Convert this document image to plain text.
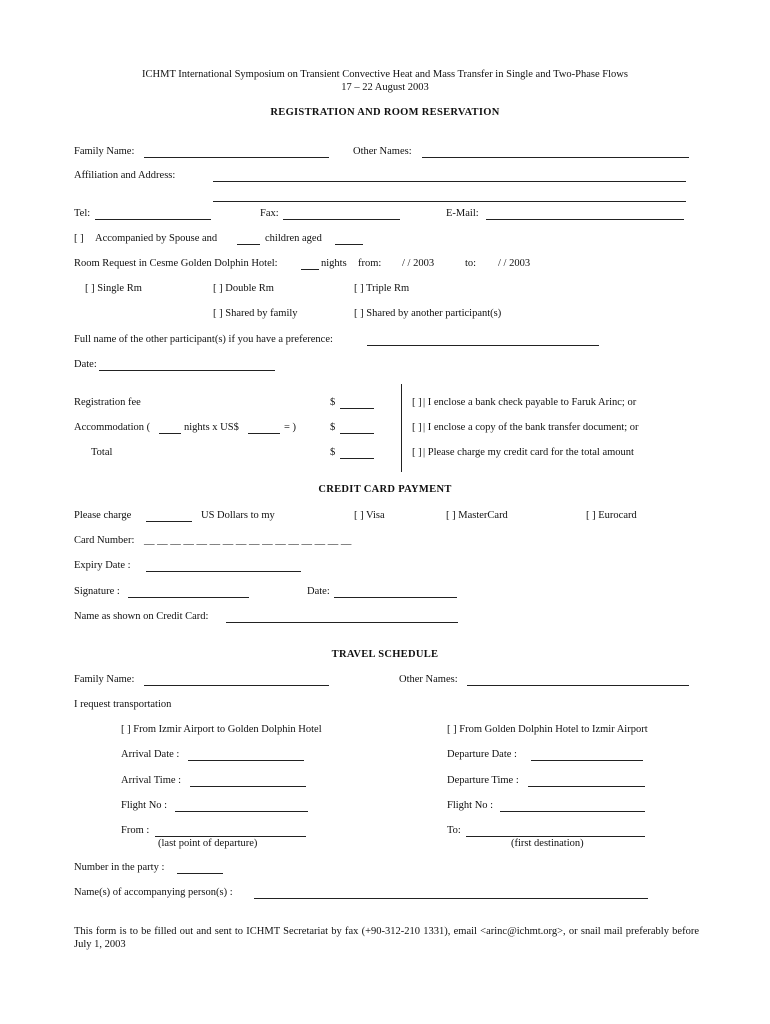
ICHMT International Symposium on Transient Convective Heat and Mass Transfer in Single and Two-Phase Flows
17 – 22 August 2003
REGISTRATION AND ROOM RESERVATION
Family Name:	Other Names:
Affiliation and Address:
Tel:	Fax:	E-Mail:
[ ] Accompanied by Spouse and	children aged
Room Request in Cesme Golden Dolphin Hotel:	nights from: / / 2003	to: / / 2003
[ ] Single Rm	[ ] Double Rm	[ ] Triple Rm
[ ] Shared by family	[ ] Shared by another participant(s)
Full name of the other participant(s) if you have a preference:
Date:
Registration fee	$	[ ] | I enclose a bank check payable to Faruk Arinc; or
Accommodation (	nights x US$	= )	$	[ ] | I enclose a copy of the bank transfer document; or
Total	$	[ ] | Please charge my credit card for the total amount
CREDIT CARD PAYMENT
Please charge	US Dollars to my	[ ] Visa	[ ] MasterCard	[ ] Eurocard
Card Number: __ __ __ __ __ __ __ __ __ __ __ __ __ __ __ __
Expiry Date :
Signature :	Date:
Name as shown on Credit Card:
TRAVEL SCHEDULE
Family Name:	Other Names:
I request transportation
[ ] From Izmir Airport to Golden Dolphin Hotel	[ ] From Golden Dolphin Hotel to Izmir Airport
Arrival Date :	Departure Date :
Arrival Time :	Departure Time :
Flight No :	Flight No :
From :	To:
(last point of departure)	(first destination)
Number in the party :
Name(s) of accompanying person(s) :
This form is to be filled out and sent to ICHMT Secretariat by fax (+90-312-210 1331), email <arinc@ichmt.org>, or snail mail preferably before July 1, 2003
